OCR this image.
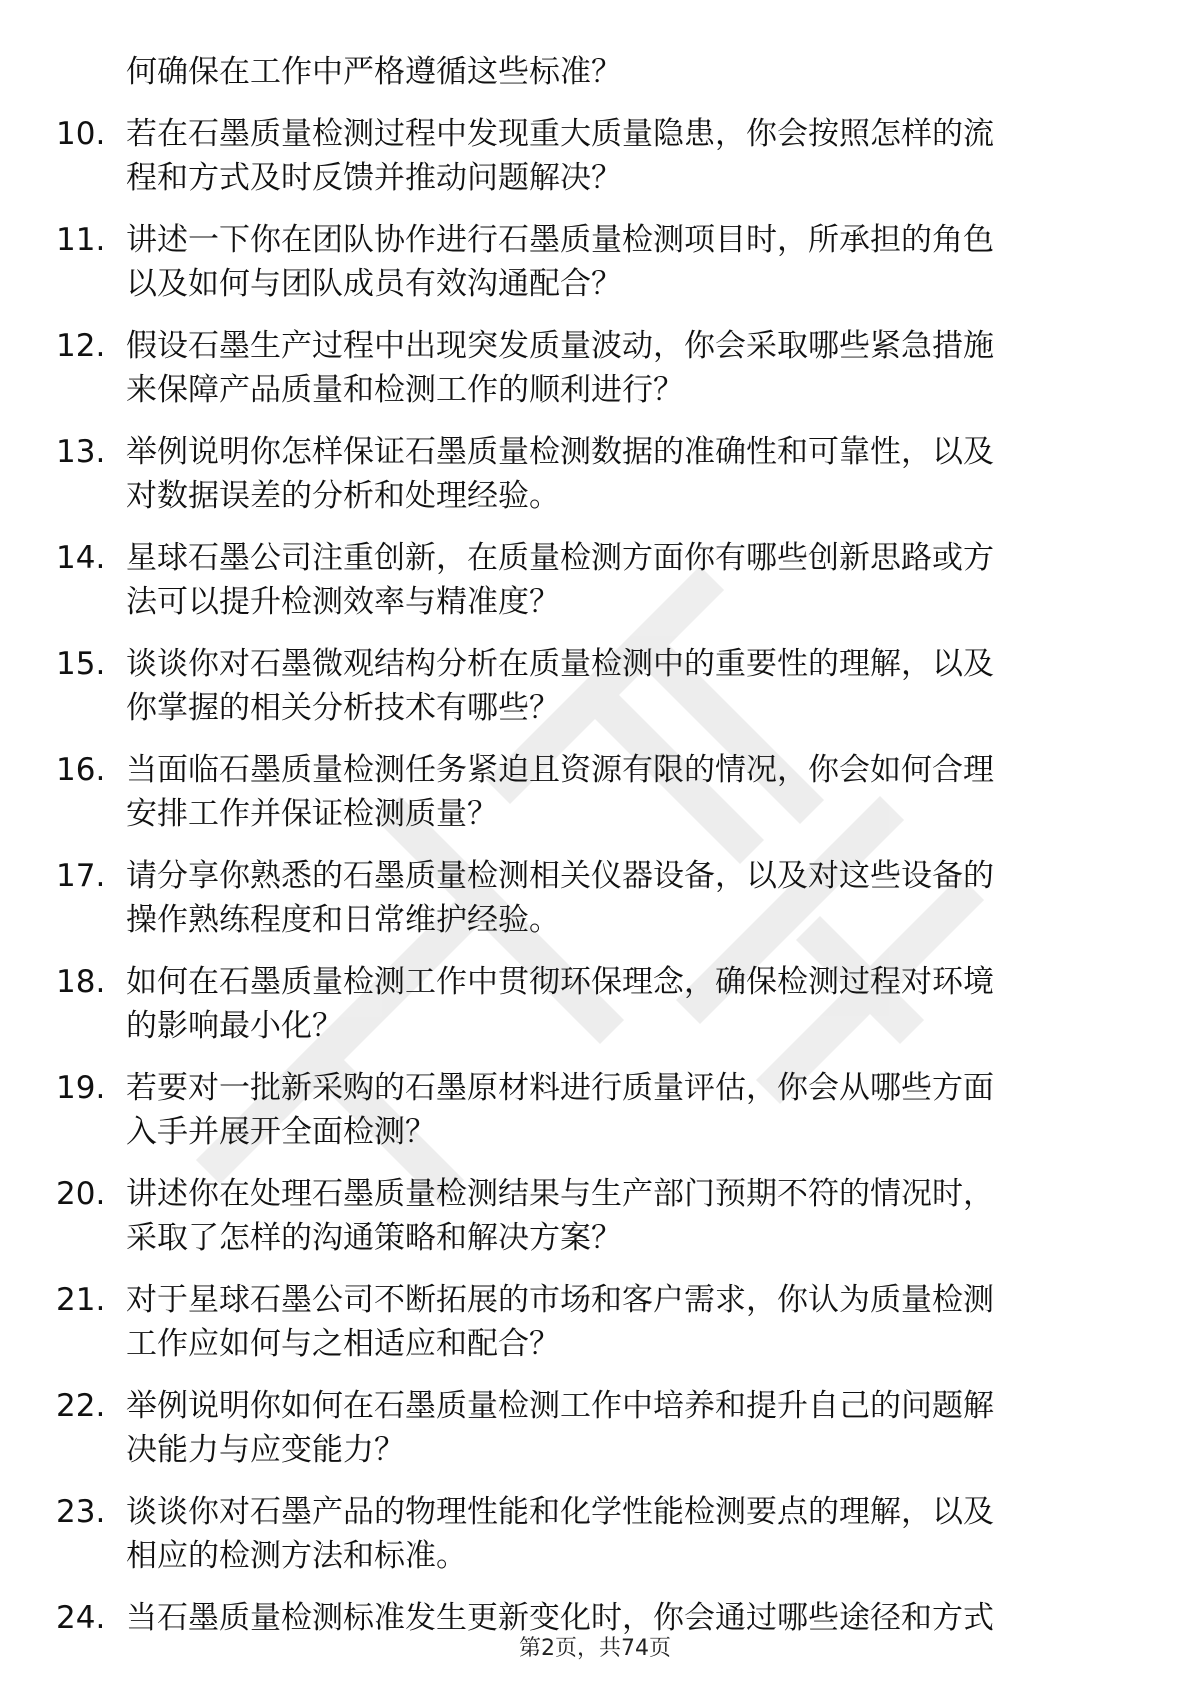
何确保在工作中严格遵循这些标准？

10. 若在石墨质量检测过程中发现重大质量隐患，你会按照怎样的流
程和方式及时反馈并推动问题解决？
11. 讲述一下你在团队协作进行石墨质量检测项目时，所承担的角色
以及如何与团队成员有效沟通配合？
12. 假设石墨生产过程中出现突发质量波动，你会采取哪些紧急措施
来保障产品质量和检测工作的顺利进行？
13. 举例说明你怎样保证石墨质量检测数据的准确性和可靠性，以及
对数据误差的分析和处理经验。
14. 星球石墨公司注重创新，在质量检测方面你有哪些创新思路或方
法可以提升检测效率与精准度？
15. 谈谈你对石墨微观结构分析在质量检测中的重要性的理解，以及
你掌握的相关分析技术有哪些？
16. 当面临石墨质量检测任务紧迫且资源有限的情况，你会如何合理
安排工作并保证检测质量？
17. 请分享你熟悉的石墨质量检测相关仪器设备，以及对这些设备的
操作熟练程度和日常维护经验。
18. 如何在石墨质量检测工作中贯彻环保理念，确保检测过程对环境
的影响最小化？
19. 若要对一批新采购的石墨原材料进行质量评估，你会从哪些方面
入手并展开全面检测？
20. 讲述你在处理石墨质量检测结果与生产部门预期不符的情况时，
采取了怎样的沟通策略和解决方案？
21. 对于星球石墨公司不断拓展的市场和客户需求，你认为质量检测
工作应如何与之相适应和配合？
22. 举例说明你如何在石墨质量检测工作中培养和提升自己的问题解
决能力与应变能力？
23. 谈谈你对石墨产品的物理性能和化学性能检测要点的理解，以及
相应的检测方法和标准。
24. 当石墨质量检测标准发生更新变化时，你会通过哪些途径和方式
第2页，共74页
